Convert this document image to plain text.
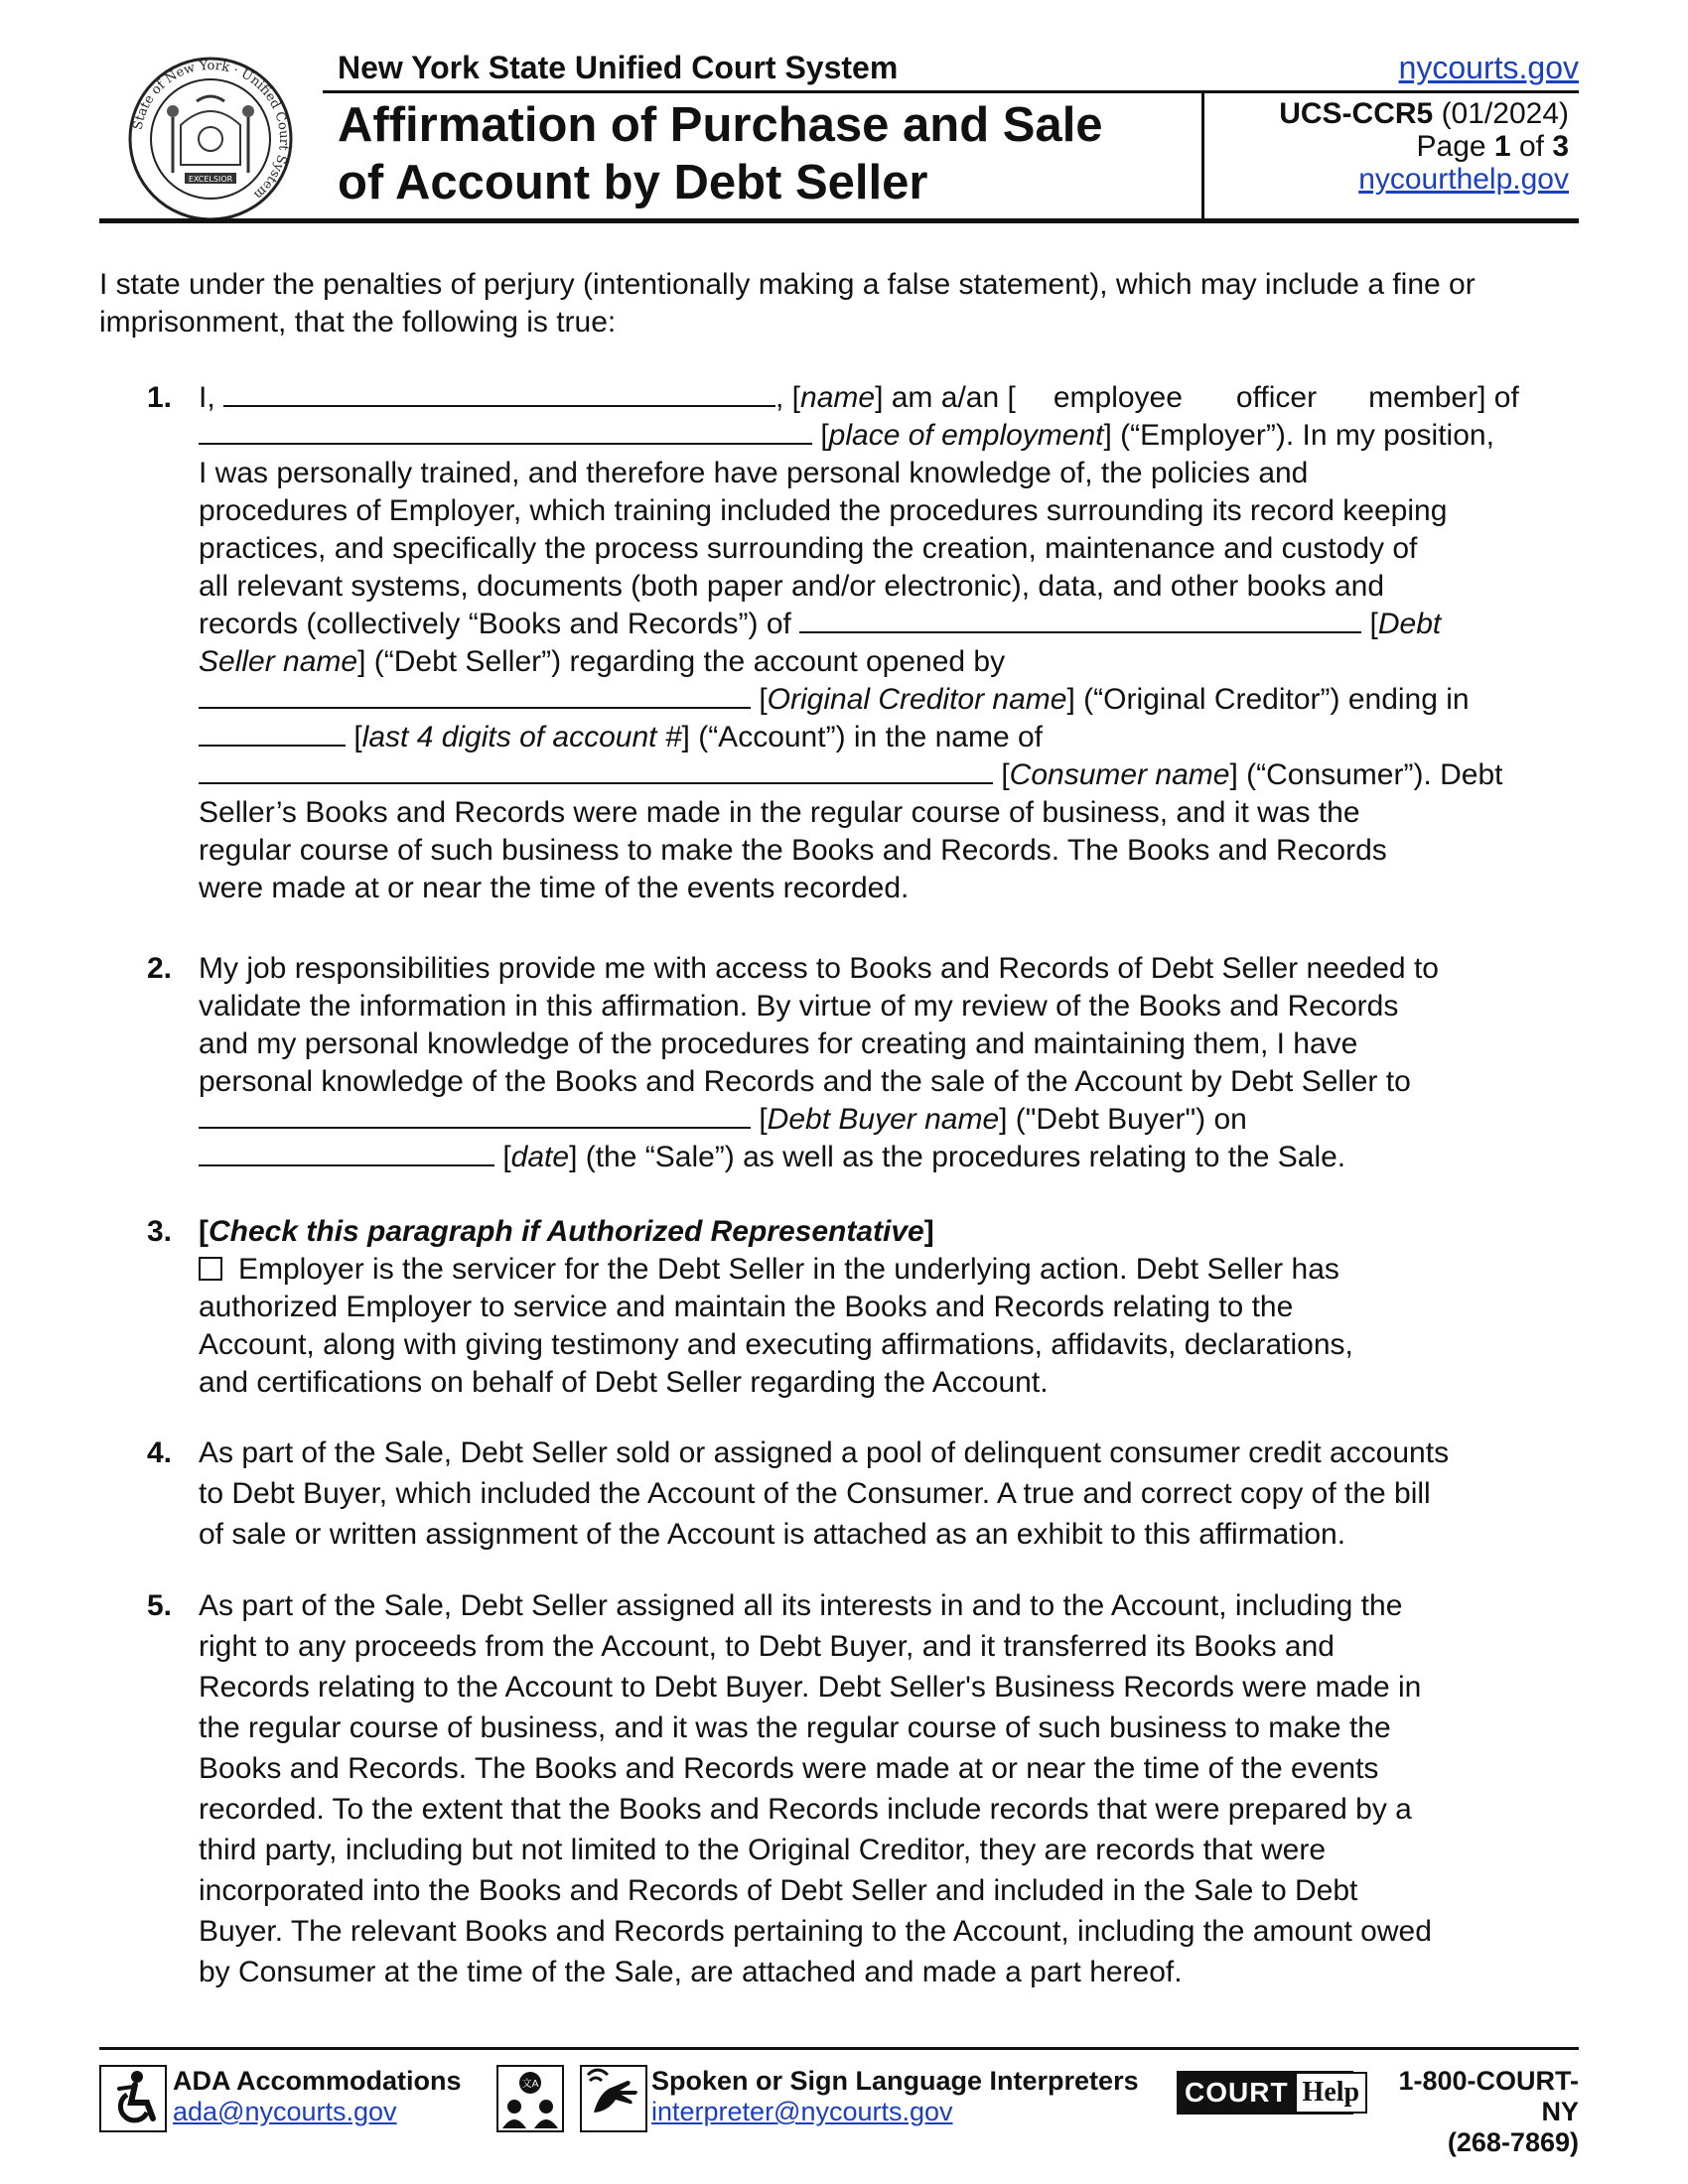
State of New York · Unified Court System
EXCELSIOR
New York State Unified Court System	nycourts.gov
Affirmation of Purchase and Sale
of Account by Debt Seller
UCS-CCR5 (01/2024)
Page 1 of 3
nycourthelp.gov
I state under the penalties of perjury (intentionally making a false statement), which may include a fine or imprisonment, that the following is true:
1. I,	, [name] am a/an [ employee officer member] of
[place of employment] (“Employer”). In my position,
I was personally trained, and therefore have personal knowledge of, the policies and
procedures of Employer, which training included the procedures surrounding its record keeping
practices, and specifically the process surrounding the creation, maintenance and custody of
all relevant systems, documents (both paper and/or electronic), data, and other books and
records (collectively “Books and Records”) of	[Debt
Seller name] (“Debt Seller”) regarding the account opened by
[Original Creditor name] (“Original Creditor”) ending in
[last 4 digits of account #] (“Account”) in the name of
[Consumer name] (“Consumer”). Debt
Seller’s Books and Records were made in the regular course of business, and it was the
regular course of such business to make the Books and Records. The Books and Records
were made at or near the time of the events recorded.
2. My job responsibilities provide me with access to Books and Records of Debt Seller needed to
validate the information in this affirmation. By virtue of my review of the Books and Records
and my personal knowledge of the procedures for creating and maintaining them, I have
personal knowledge of the Books and Records and the sale of the Account by Debt Seller to
[Debt Buyer name] ("Debt Buyer") on
[date] (the “Sale”) as well as the procedures relating to the Sale.
3. [Check this paragraph if Authorized Representative]
Employer is the servicer for the Debt Seller in the underlying action. Debt Seller has
authorized Employer to service and maintain the Books and Records relating to the
Account, along with giving testimony and executing affirmations, affidavits, declarations,
and certifications on behalf of Debt Seller regarding the Account.
4. As part of the Sale, Debt Seller sold or assigned a pool of delinquent consumer credit accounts
to Debt Buyer, which included the Account of the Consumer. A true and correct copy of the bill
of sale or written assignment of the Account is attached as an exhibit to this affirmation.
5. As part of the Sale, Debt Seller assigned all its interests in and to the Account, including the
right to any proceeds from the Account, to Debt Buyer, and it transferred its Books and
Records relating to the Account to Debt Buyer. Debt Seller's Business Records were made in
the regular course of business, and it was the regular course of such business to make the
Books and Records. The Books and Records were made at or near the time of the events
recorded. To the extent that the Books and Records include records that were prepared by a
third party, including but not limited to the Original Creditor, they are records that were
incorporated into the Books and Records of Debt Seller and included in the Sale to Debt
Buyer. The relevant Books and Records pertaining to the Account, including the amount owed
by Consumer at the time of the Sale, are attached and made a part hereof.
ADA Accommodations
ada@nycourts.gov
文A	Spoken or Sign Language Interpreters
interpreter@nycourts.gov
COURT Help	1-800-COURT-NY
(268-7869)
